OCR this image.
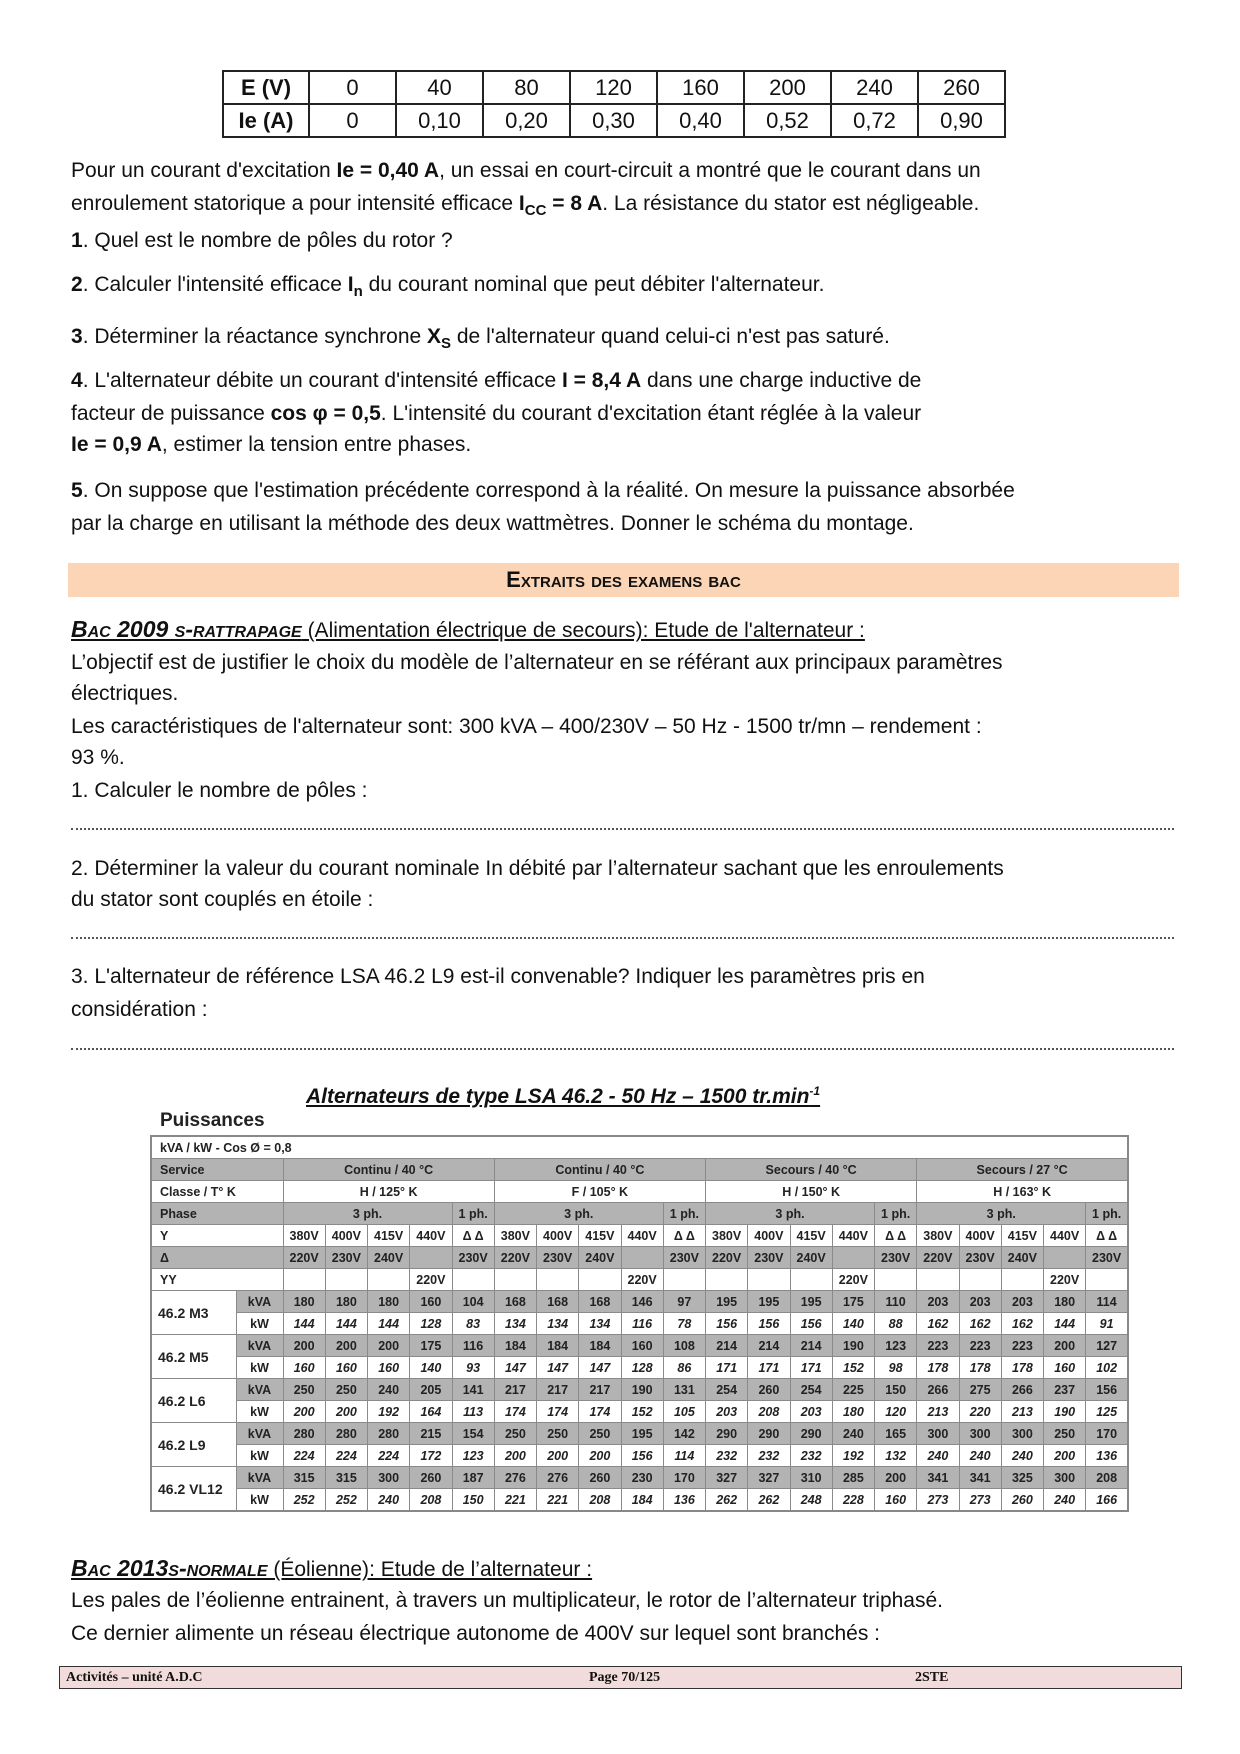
E (V)	0	40	80	120	160	200	240	260
Ie (A)	0	0,10	0,20	0,30	0,40	0,52	0,72	0,90
Pour un courant d'excitation Ie = 0,40 A, un essai en court-circuit a montré que le courant dans un
enroulement statorique a pour intensité efficace $I_{CC} = 8$ A. La résistance du stator est négligeable.
1. Quel est le nombre de pôles du rotor ?
2. Calculer l'intensité efficace $I_n$ du courant nominal que peut débiter l'alternateur.
3. Déterminer la réactance synchrone $X_S$ de l'alternateur quand celui-ci n'est pas saturé.
4. L'alternateur débite un courant d'intensité efficace I = 8,4 A dans une charge inductive de
facteur de puissance cos φ = 0,5. L'intensité du courant d'excitation étant réglée à la valeur
Ie = 0,9 A, estimer la tension entre phases.
5. On suppose que l'estimation précédente correspond à la réalité. On mesure la puissance absorbée
par la charge en utilisant la méthode des deux wattmètres. Donner le schéma du montage.
Extraits des examens bac
Bac 2009 s-rattrapage (Alimentation électrique de secours): Etude de l'alternateur :
L’objectif est de justifier le choix du modèle de l’alternateur en se référant aux principaux paramètres
électriques.
Les caractéristiques de l'alternateur sont: 300 kVA – 400/230V – 50 Hz - 1500 tr/mn – rendement :
93 %.
1. Calculer le nombre de pôles :
2. Déterminer la valeur du courant nominale In débité par l’alternateur sachant que les enroulements
du stator sont couplés en étoile :
3. L'alternateur de référence LSA 46.2 L9 est-il convenable? Indiquer les paramètres pris en
considération :
Alternateurs de type LSA 46.2 - 50 Hz – 1500 $tr.\min^{-1}$
Puissances
kVA / kW - Cos Ø = 0,8																					
Service		Continu / 40 °C					Continu / 40 °C					Secours / 40 °C					Secours / 27 °C				
Classe / T° K		H / 125° K					F / 105° K					H / 150° K					H / 163° K				
Phase		3 ph.				1 ph.	3 ph.				1 ph.	3 ph.				1 ph.	3 ph.				1 ph.
Y		380V	400V	415V	440V	Δ Δ	380V	400V	415V	440V	Δ Δ	380V	400V	415V	440V	Δ Δ	380V	400V	415V	440V	Δ Δ
Δ		220V	230V	240V		230V	220V	230V	240V		230V	220V	230V	240V		230V	220V	230V	240V		230V
YY					220V					220V					220V					220V	
46.2 M3	kVA	180	180	180	160	104	168	168	168	146	97	195	195	195	175	110	203	203	203	180	114
	kW	144	144	144	128	83	134	134	134	116	78	156	156	156	140	88	162	162	162	144	91
46.2 M5	kVA	200	200	200	175	116	184	184	184	160	108	214	214	214	190	123	223	223	223	200	127
	kW	160	160	160	140	93	147	147	147	128	86	171	171	171	152	98	178	178	178	160	102
46.2 L6	kVA	250	250	240	205	141	217	217	217	190	131	254	260	254	225	150	266	275	266	237	156
	kW	200	200	192	164	113	174	174	174	152	105	203	208	203	180	120	213	220	213	190	125
46.2 L9	kVA	280	280	280	215	154	250	250	250	195	142	290	290	290	240	165	300	300	300	250	170
	kW	224	224	224	172	123	200	200	200	156	114	232	232	232	192	132	240	240	240	200	136
46.2 VL12	kVA	315	315	300	260	187	276	276	260	230	170	327	327	310	285	200	341	341	325	300	208
	kW	252	252	240	208	150	221	221	208	184	136	262	262	248	228	160	273	273	260	240	166
Bac 2013s-normale (Éolienne): Etude de l’alternateur :
Les pales de l’éolienne entrainent, à travers un multiplicateur, le rotor de l’alternateur triphasé.
Ce dernier alimente un réseau électrique autonome de 400V sur lequel sont branchés :
Activités – unité A.D.C	Page 70/125	2STE
